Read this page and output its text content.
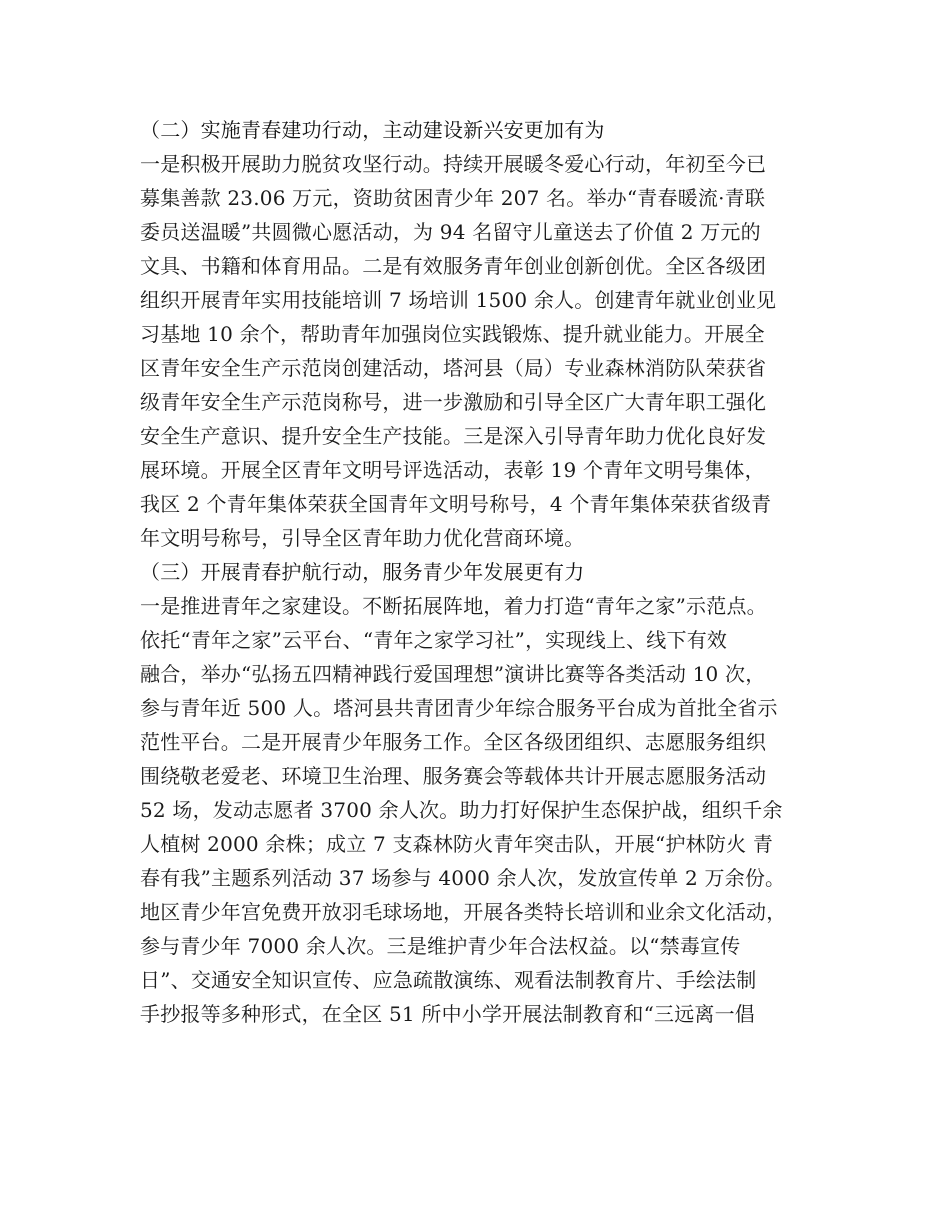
（二）实施青春建功行动，主动建设新兴安更加有为
一是积极开展助力脱贫攻坚行动。持续开展暖冬爱心行动，年初至今已
募集善款 23.06 万元，资助贫困青少年 207 名。举办“青春暖流·青联
委员送温暖”共圆微心愿活动，为 94 名留守儿童送去了价值 2 万元的
文具、书籍和体育用品。二是有效服务青年创业创新创优。全区各级团
组织开展青年实用技能培训 7 场培训 1500 余人。创建青年就业创业见
习基地 10 余个，帮助青年加强岗位实践锻炼、提升就业能力。开展全
区青年安全生产示范岗创建活动，塔河县（局）专业森林消防队荣获省
级青年安全生产示范岗称号，进一步激励和引导全区广大青年职工强化
安全生产意识、提升安全生产技能。三是深入引导青年助力优化良好发
展环境。开展全区青年文明号评选活动，表彰 19 个青年文明号集体，
我区 2 个青年集体荣获全国青年文明号称号，4 个青年集体荣获省级青
年文明号称号，引导全区青年助力优化营商环境。
（三）开展青春护航行动，服务青少年发展更有力
一是推进青年之家建设。不断拓展阵地，着力打造“青年之家”示范点。
依托“青年之家”云平台、“青年之家学习社”，实现线上、线下有效
融合，举办“弘扬五四精神践行爱国理想”演讲比赛等各类活动 10 次，
参与青年近 500 人。塔河县共青团青少年综合服务平台成为首批全省示
范性平台。二是开展青少年服务工作。全区各级团组织、志愿服务组织
围绕敬老爱老、环境卫生治理、服务赛会等载体共计开展志愿服务活动
52 场，发动志愿者 3700 余人次。助力打好保护生态保护战，组织千余
人植树 2000 余株；成立 7 支森林防火青年突击队，开展“护林防火 青
春有我”主题系列活动 37 场参与 4000 余人次，发放宣传单 2 万余份。
地区青少年宫免费开放羽毛球场地，开展各类特长培训和业余文化活动，
参与青少年 7000 余人次。三是维护青少年合法权益。以“禁毒宣传
日”、交通安全知识宣传、应急疏散演练、观看法制教育片、手绘法制
手抄报等多种形式，在全区 51 所中小学开展法制教育和“三远离一倡
